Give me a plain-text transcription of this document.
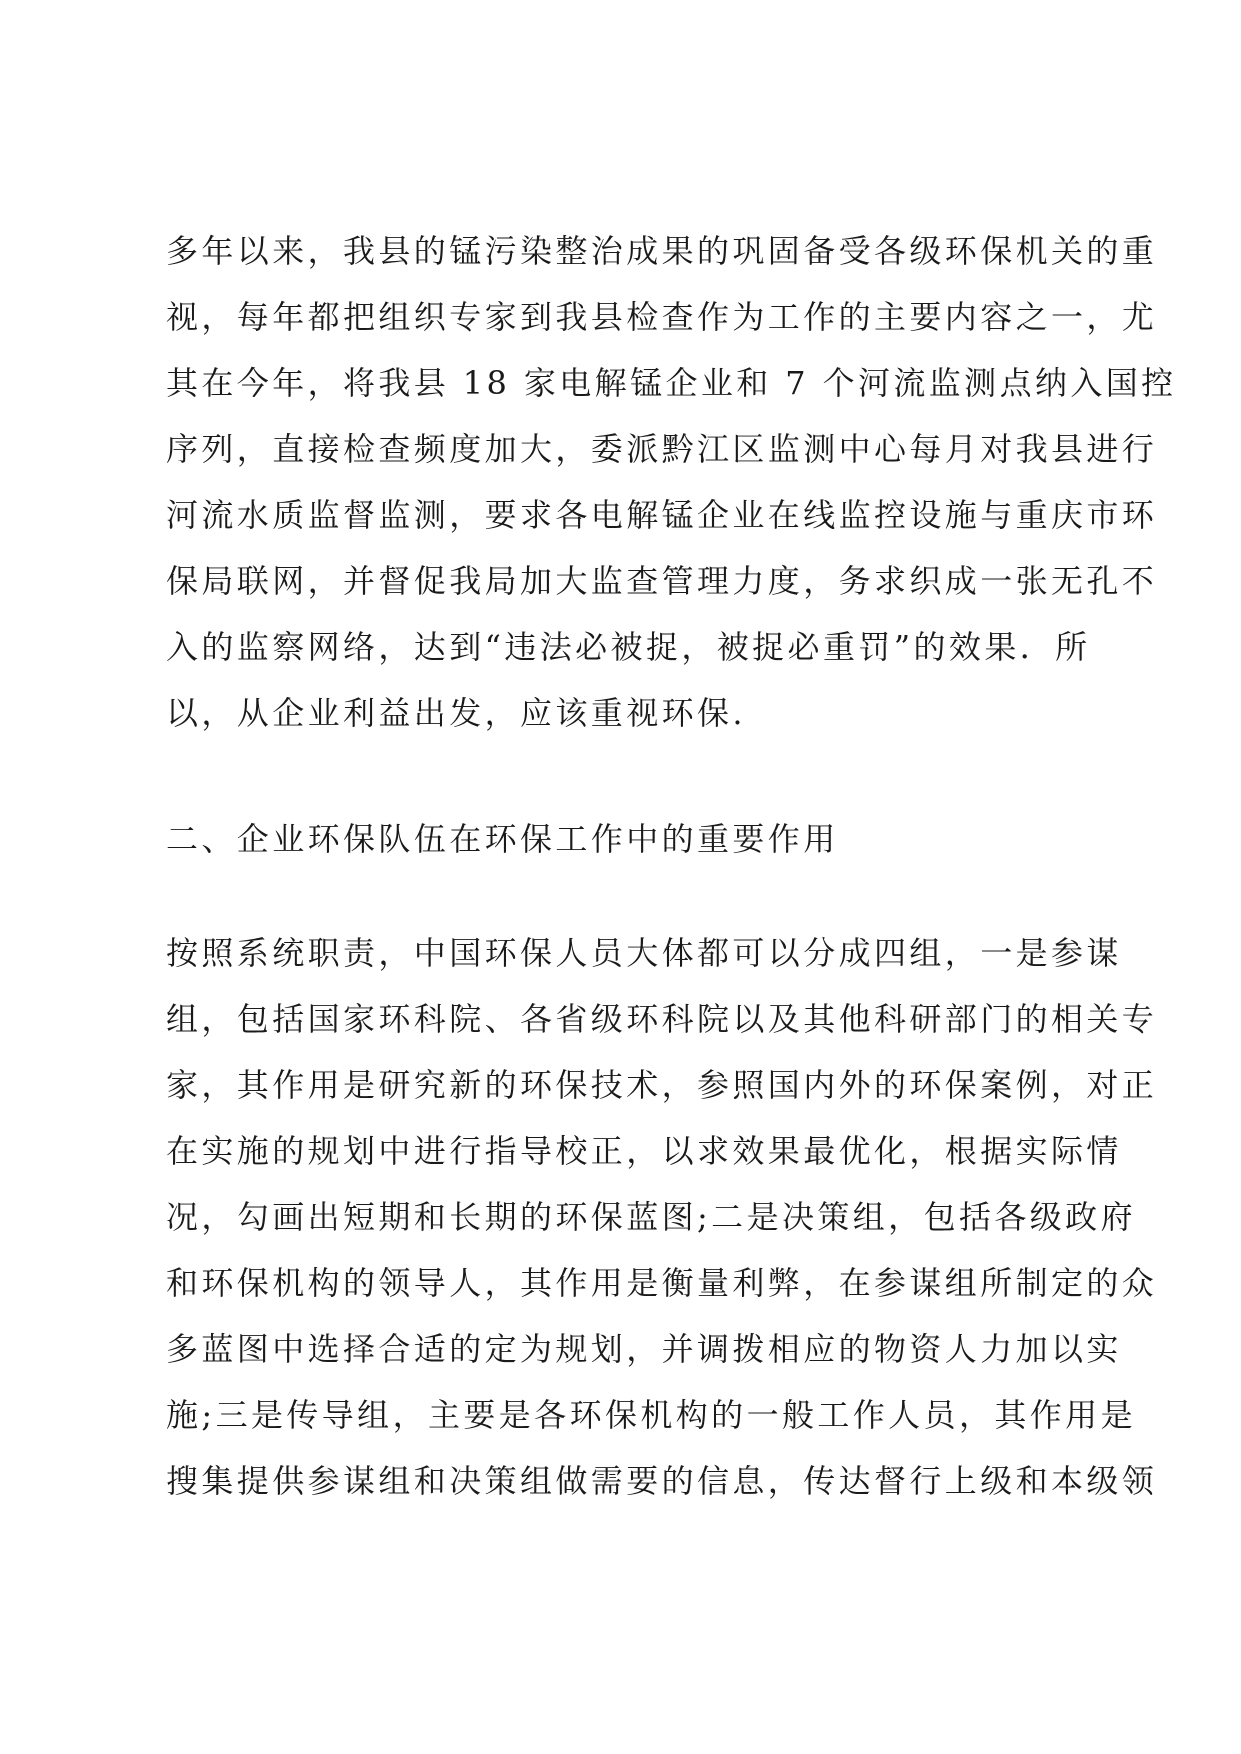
多年以来，我县的锰污染整治成果的巩固备受各级环保机关的重
视，每年都把组织专家到我县检查作为工作的主要内容之一，尤
其在今年，将我县 18 家电解锰企业和 7 个河流监测点纳入国控
序列，直接检查频度加大，委派黔江区监测中心每月对我县进行
河流水质监督监测，要求各电解锰企业在线监控设施与重庆市环
保局联网，并督促我局加大监查管理力度，务求织成一张无孔不
入的监察网络，达到“违法必被捉，被捉必重罚”的效果．所
以，从企业利益出发，应该重视环保.
二、企业环保队伍在环保工作中的重要作用
按照系统职责，中国环保人员大体都可以分成四组，一是参谋
组，包括国家环科院、各省级环科院以及其他科研部门的相关专
家，其作用是研究新的环保技术，参照国内外的环保案例，对正
在实施的规划中进行指导校正，以求效果最优化，根据实际情
况，勾画出短期和长期的环保蓝图;二是决策组，包括各级政府
和环保机构的领导人，其作用是衡量利弊，在参谋组所制定的众
多蓝图中选择合适的定为规划，并调拨相应的物资人力加以实
施;三是传导组，主要是各环保机构的一般工作人员，其作用是
搜集提供参谋组和决策组做需要的信息，传达督行上级和本级领
